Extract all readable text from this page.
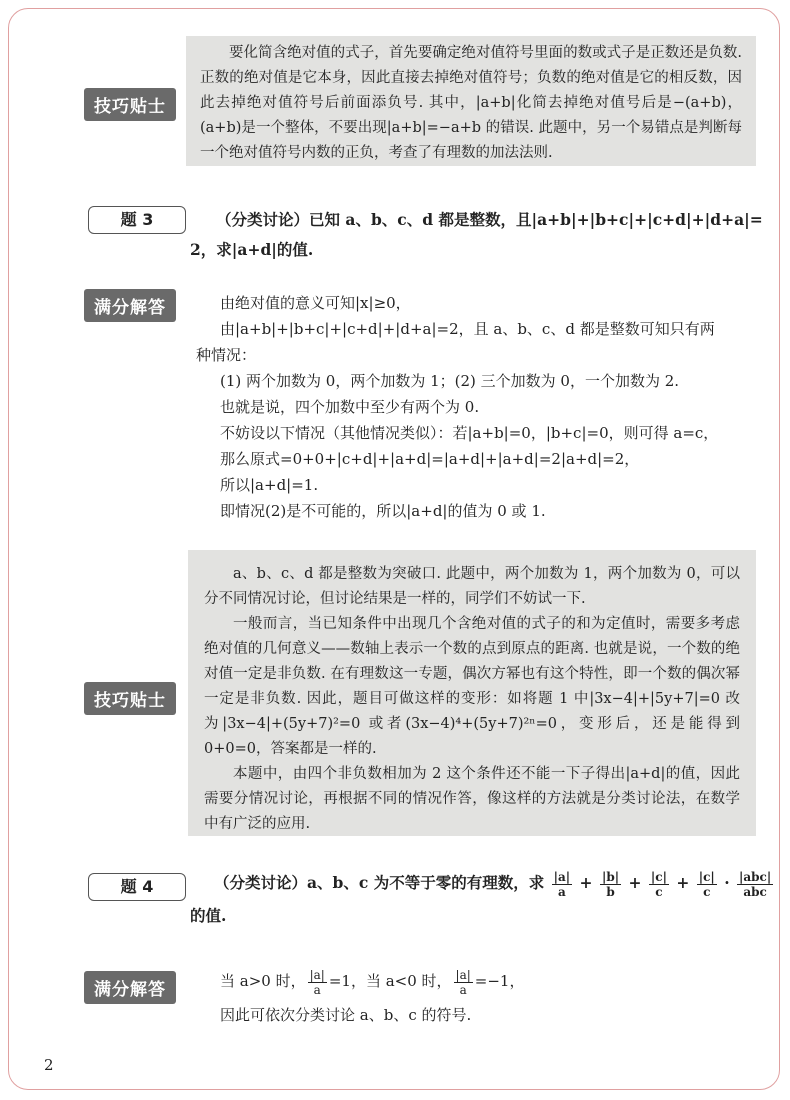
要化简含绝对值的式子，首先要确定绝对值符号里面的数或式子是正数还是负数. 正数的绝对值是它本身，因此直接去掉绝对值符号；负数的绝对值是它的相反数，因此去掉绝对值符号后前面添负号. 其中，|a+b|化简去掉绝对值号后是−(a+b)，(a+b)是一个整体，不要出现|a+b|=−a+b 的错误. 此题中，另一个易错点是判断每一个绝对值符号内数的正负，考查了有理数的加法法则.

技巧贴士
题 3	（分类讨论）已知 a、b、c、d 都是整数，且|a+b|+|b+c|+|c+d|+|d+a|=
2，求|a+d|的值.
满分解答	由绝对值的意义可知|x|≥0，
由|a+b|+|b+c|+|c+d|+|d+a|=2，且 a、b、c、d 都是整数可知只有两
种情况：
(1) 两个加数为 0，两个加数为 1；(2) 三个加数为 0，一个加数为 2.
也就是说，四个加数中至少有两个为 0.
不妨设以下情况（其他情况类似）：若|a+b|=0，|b+c|=0，则可得 a=c，
那么原式=0+0+|c+d|+|a+d|=|a+d|+|a+d|=2|a+d|=2，
所以|a+d|=1.
即情况(2)是不可能的，所以|a+d|的值为 0 或 1.

a、b、c、d 都是整数为突破口. 此题中，两个加数为 1，两个加数为 0，可以分不同情况讨论，但讨论结果是一样的，同学们不妨试一下.

一般而言，当已知条件中出现几个含绝对值的式子的和为定值时，需要多考虑绝对值的几何意义——数轴上表示一个数的点到原点的距离. 也就是说，一个数的绝对值一定是非负数. 在有理数这一专题，偶次方幂也有这个特性，即一个数的偶次幂一定是非负数. 因此，题目可做这样的变形：如将题 1 中|3x−4|+|5y+7|=0 改为|3x−4|+(5y+7)²=0 或者(3x−4)⁴+(5y+7)²ⁿ=0，变形后，还是能得到 0+0=0，答案都是一样的.

本题中，由四个非负数相加为 2 这个条件还不能一下子得出|a+d|的值，因此需要分情况讨论，再根据不同的情况作答，像这样的方法就是分类讨论法，在数学中有广泛的应用.

技巧贴士
题 4	（分类讨论）a、b、c 为不等于零的有理数，求 $\frac{|a|}{a} + \frac{|b|}{b} + \frac{|c|}{c} + \frac{|c|}{c} \cdot \frac{\text{|abc|}}{\text{abc}}$
的值.
满分解答	当 a>0 时， $\frac{|a|}{a} =1$，当 a<0 时， $\frac{|a|}{a} =-1$，
因此可依次分类讨论 a、b、c 的符号.
2
